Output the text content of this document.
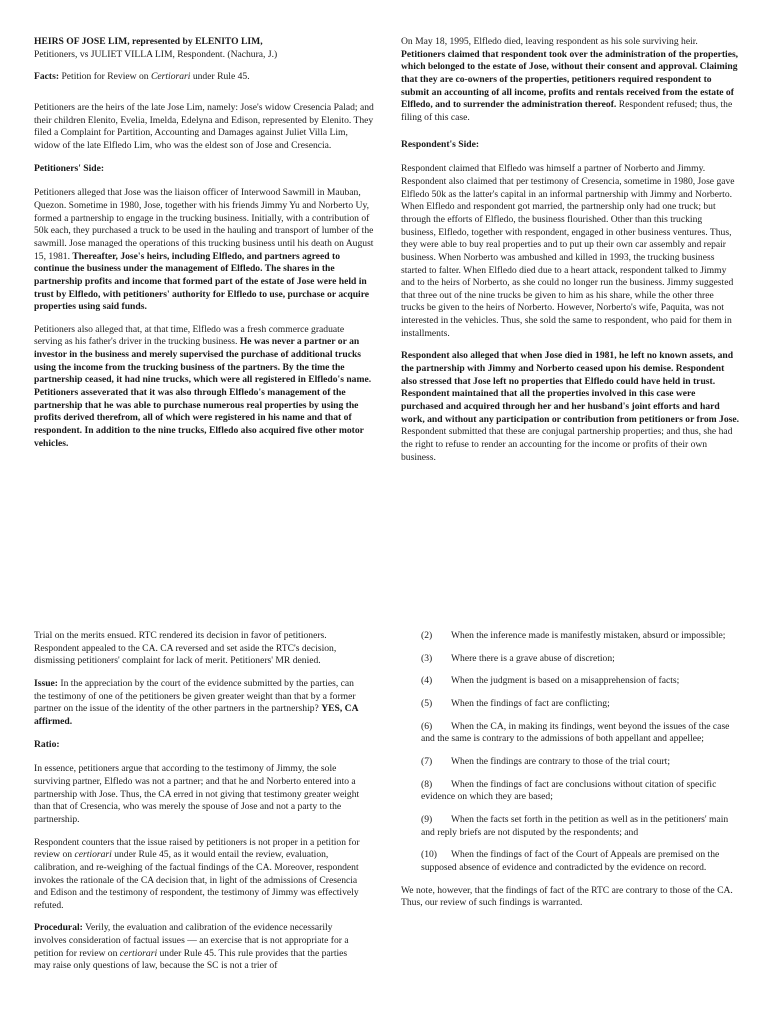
HEIRS OF JOSE LIM, represented by ELENITO LIM,
Petitioners, vs JULIET VILLA LIM, Respondent. (Nachura, J.)

Facts: Petition for Review on Certiorari under Rule 45.

Petitioners are the heirs of the late Jose Lim, namely: Jose's widow Cresencia Palad; and their children Elenito, Evelia, Imelda, Edelyna and Edison, represented by Elenito. They filed a Complaint for Partition, Accounting and Damages against Juliet Villa Lim, widow of the late Elfledo Lim, who was the eldest son of Jose and Cresencia.

Petitioners' Side:

Petitioners alleged that Jose was the liaison officer of Interwood Sawmill in Mauban, Quezon. Sometime in 1980, Jose, together with his friends Jimmy Yu and Norberto Uy, formed a partnership to engage in the trucking business. Initially, with a contribution of 50k each, they purchased a truck to be used in the hauling and transport of lumber of the sawmill. Jose managed the operations of this trucking business until his death on August 15, 1981. Thereafter, Jose's heirs, including Elfledo, and partners agreed to continue the business under the management of Elfledo. The shares in the partnership profits and income that formed part of the estate of Jose were held in trust by Elfledo, with petitioners' authority for Elfledo to use, purchase or acquire properties using said funds.

Petitioners also alleged that, at that time, Elfledo was a fresh commerce graduate serving as his father's driver in the trucking business. He was never a partner or an investor in the business and merely supervised the purchase of additional trucks using the income from the trucking business of the partners. By the time the partnership ceased, it had nine trucks, which were all registered in Elfledo's name. Petitioners asseverated that it was also through Elfledo's management of the partnership that he was able to purchase numerous real properties by using the profits derived therefrom, all of which were registered in his name and that of respondent. In addition to the nine trucks, Elfledo also acquired five other motor vehicles.

On May 18, 1995, Elfledo died, leaving respondent as his sole surviving heir. Petitioners claimed that respondent took over the administration of the properties, which belonged to the estate of Jose, without their consent and approval. Claiming that they are co-owners of the properties, petitioners required respondent to submit an accounting of all income, profits and rentals received from the estate of Elfledo, and to surrender the administration thereof. Respondent refused; thus, the filing of this case.

Respondent's Side:

Respondent claimed that Elfledo was himself a partner of Norberto and Jimmy. Respondent also claimed that per testimony of Cresencia, sometime in 1980, Jose gave Elfledo 50k as the latter's capital in an informal partnership with Jimmy and Norberto. When Elfledo and respondent got married, the partnership only had one truck; but through the efforts of Elfledo, the business flourished. Other than this trucking business, Elfledo, together with respondent, engaged in other business ventures. Thus, they were able to buy real properties and to put up their own car assembly and repair business. When Norberto was ambushed and killed in 1993, the trucking business started to falter. When Elfledo died due to a heart attack, respondent talked to Jimmy and to the heirs of Norberto, as she could no longer run the business. Jimmy suggested that three out of the nine trucks be given to him as his share, while the other three trucks be given to the heirs of Norberto. However, Norberto's wife, Paquita, was not interested in the vehicles. Thus, she sold the same to respondent, who paid for them in installments.

Respondent also alleged that when Jose died in 1981, he left no known assets, and the partnership with Jimmy and Norberto ceased upon his demise. Respondent also stressed that Jose left no properties that Elfledo could have held in trust. Respondent maintained that all the properties involved in this case were purchased and acquired through her and her husband's joint efforts and hard work, and without any participation or contribution from petitioners or from Jose. Respondent submitted that these are conjugal partnership properties; and thus, she had the right to refuse to render an accounting for the income or profits of their own business.

Trial on the merits ensued. RTC rendered its decision in favor of petitioners. Respondent appealed to the CA. CA reversed and set aside the RTC's decision, dismissing petitioners' complaint for lack of merit. Petitioners' MR denied.

Issue: In the appreciation by the court of the evidence submitted by the parties, can the testimony of one of the petitioners be given greater weight than that by a former partner on the issue of the identity of the other partners in the partnership? YES, CA affirmed.

Ratio:

In essence, petitioners argue that according to the testimony of Jimmy, the sole surviving partner, Elfledo was not a partner; and that he and Norberto entered into a partnership with Jose. Thus, the CA erred in not giving that testimony greater weight than that of Cresencia, who was merely the spouse of Jose and not a party to the partnership.

Respondent counters that the issue raised by petitioners is not proper in a petition for review on certiorari under Rule 45, as it would entail the review, evaluation, calibration, and re-weighing of the factual findings of the CA. Moreover, respondent invokes the rationale of the CA decision that, in light of the admissions of Cresencia and Edison and the testimony of respondent, the testimony of Jimmy was effectively refuted.

Procedural: Verily, the evaluation and calibration of the evidence necessarily involves consideration of factual issues — an exercise that is not appropriate for a petition for review on certiorari under Rule 45. This rule provides that the parties may raise only questions of law, because the SC is not a trier of

(2) When the inference made is manifestly mistaken, absurd or impossible;

(3) Where there is a grave abuse of discretion;

(4) When the judgment is based on a misapprehension of facts;

(5) When the findings of fact are conflicting;

(6) When the CA, in making its findings, went beyond the issues of the case and the same is contrary to the admissions of both appellant and appellee;

(7) When the findings are contrary to those of the trial court;

(8) When the findings of fact are conclusions without citation of specific evidence on which they are based;

(9) When the facts set forth in the petition as well as in the petitioners' main and reply briefs are not disputed by the respondents; and

(10) When the findings of fact of the Court of Appeals are premised on the supposed absence of evidence and contradicted by the evidence on record.

We note, however, that the findings of fact of the RTC are contrary to those of the CA. Thus, our review of such findings is warranted.
